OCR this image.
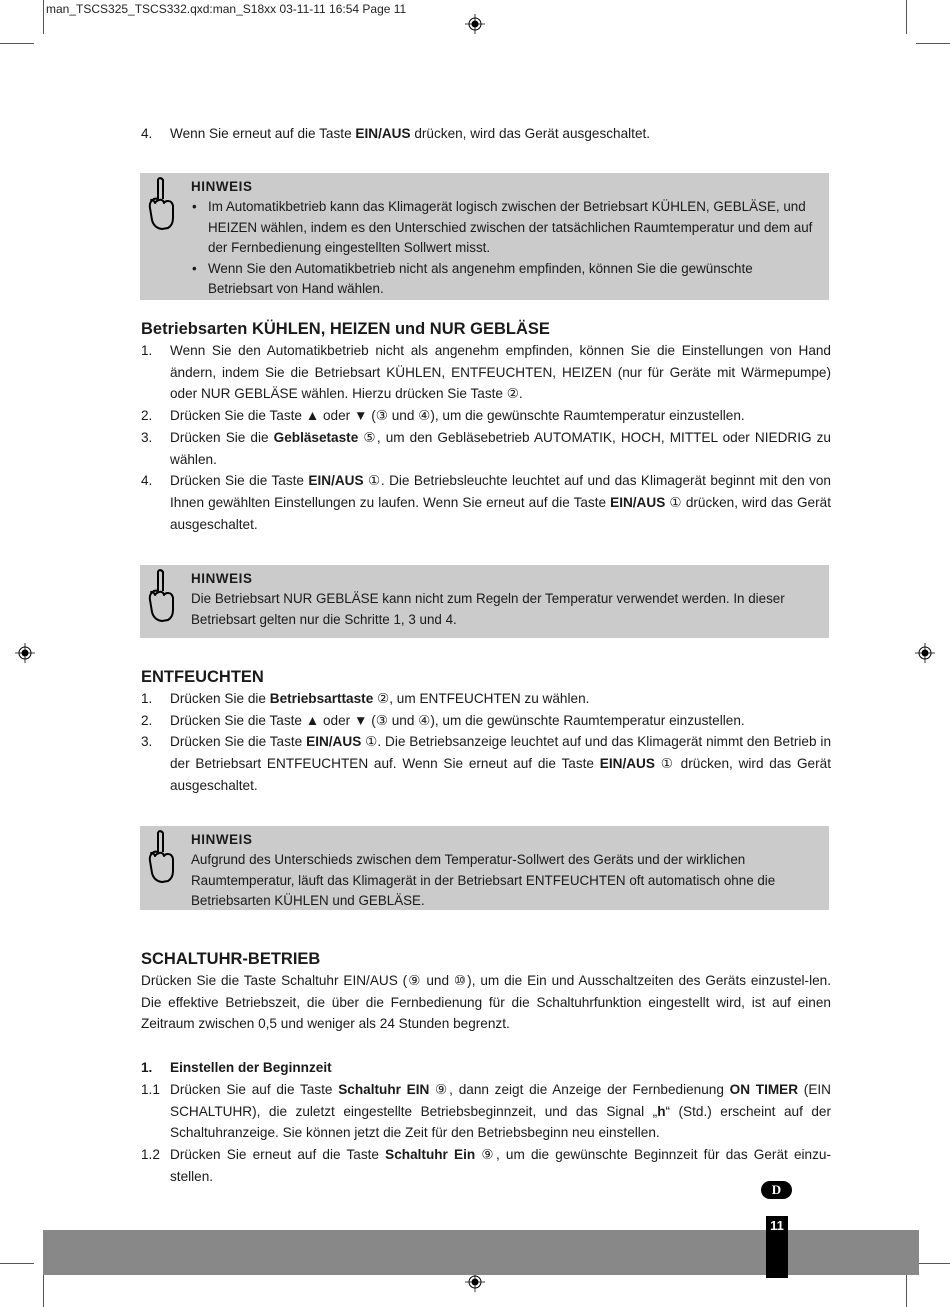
man_TSCS325_TSCS332.qxd:man_S18xx 03-11-11 16:54 Page 11
4. Wenn Sie erneut auf die Taste EIN/AUS drücken, wird das Gerät ausgeschaltet.
HINWEIS
• Im Automatikbetrieb kann das Klimagerät logisch zwischen der Betriebsart KÜHLEN, GEBLÄSE, und HEIZEN wählen, indem es den Unterschied zwischen der tatsächlichen Raumtemperatur und dem auf der Fernbedienung eingestellten Sollwert misst.
• Wenn Sie den Automatikbetrieb nicht als angenehm empfinden, können Sie die gewünschte Betriebsart von Hand wählen.
Betriebsarten KÜHLEN, HEIZEN und NUR GEBLÄSE
1. Wenn Sie den Automatikbetrieb nicht als angenehm empfinden, können Sie die Einstellungen von Hand ändern, indem Sie die Betriebsart KÜHLEN, ENTFEUCHTEN, HEIZEN (nur für Geräte mit Wärmepumpe) oder NUR GEBLÄSE wählen. Hierzu drücken Sie Taste ②.
2. Drücken Sie die Taste ▲ oder ▼ (③ und ④), um die gewünschte Raumtemperatur einzustellen.
3. Drücken Sie die Gebläsetaste ⑤, um den Gebläsebetrieb AUTOMATIK, HOCH, MITTEL oder NIEDRIG zu wählen.
4. Drücken Sie die Taste EIN/AUS ①. Die Betriebsleuchte leuchtet auf und das Klimagerät beginnt mit den von Ihnen gewählten Einstellungen zu laufen. Wenn Sie erneut auf die Taste EIN/AUS ① drücken, wird das Gerät ausgeschaltet.
HINWEIS
Die Betriebsart NUR GEBLÄSE kann nicht zum Regeln der Temperatur verwendet werden. In dieser Betriebsart gelten nur die Schritte 1, 3 und 4.
ENTFEUCHTEN
1. Drücken Sie die Betriebsarttaste ②, um ENTFEUCHTEN zu wählen.
2. Drücken Sie die Taste ▲ oder ▼ (③ und ④), um die gewünschte Raumtemperatur einzustellen.
3. Drücken Sie die Taste EIN/AUS ①. Die Betriebsanzeige leuchtet auf und das Klimagerät nimmt den Betrieb in der Betriebsart ENTFEUCHTEN auf. Wenn Sie erneut auf die Taste EIN/AUS ① drücken, wird das Gerät ausgeschaltet.
HINWEIS
Aufgrund des Unterschieds zwischen dem Temperatur-Sollwert des Geräts und der wirklichen Raumtemperatur, läuft das Klimagerät in der Betriebsart ENTFEUCHTEN oft automatisch ohne die Betriebsarten KÜHLEN und GEBLÄSE.
SCHALTUHR-BETRIEB
Drücken Sie die Taste Schaltuhr EIN/AUS (⑨ und ⑩), um die Ein und Ausschaltzeiten des Geräts einzustel-len. Die effektive Betriebszeit, die über die Fernbedienung für die Schaltuhrfunktion eingestellt wird, ist auf einen Zeitraum zwischen 0,5 und weniger als 24 Stunden begrenzt.
1. Einstellen der Beginnzeit
1.1 Drücken Sie auf die Taste Schaltuhr EIN ⑨, dann zeigt die Anzeige der Fernbedienung ON TIMER (EIN SCHALTUHR), die zuletzt eingestellte Betriebsbeginnzeit, und das Signal „h“ (Std.) erscheint auf der Schaltuhranzeige. Sie können jetzt die Zeit für den Betriebsbeginn neu einstellen.
1.2 Drücken Sie erneut auf die Taste Schaltuhr Ein ⑨, um die gewünschte Beginnzeit für das Gerät einzu-stellen.
D
11
